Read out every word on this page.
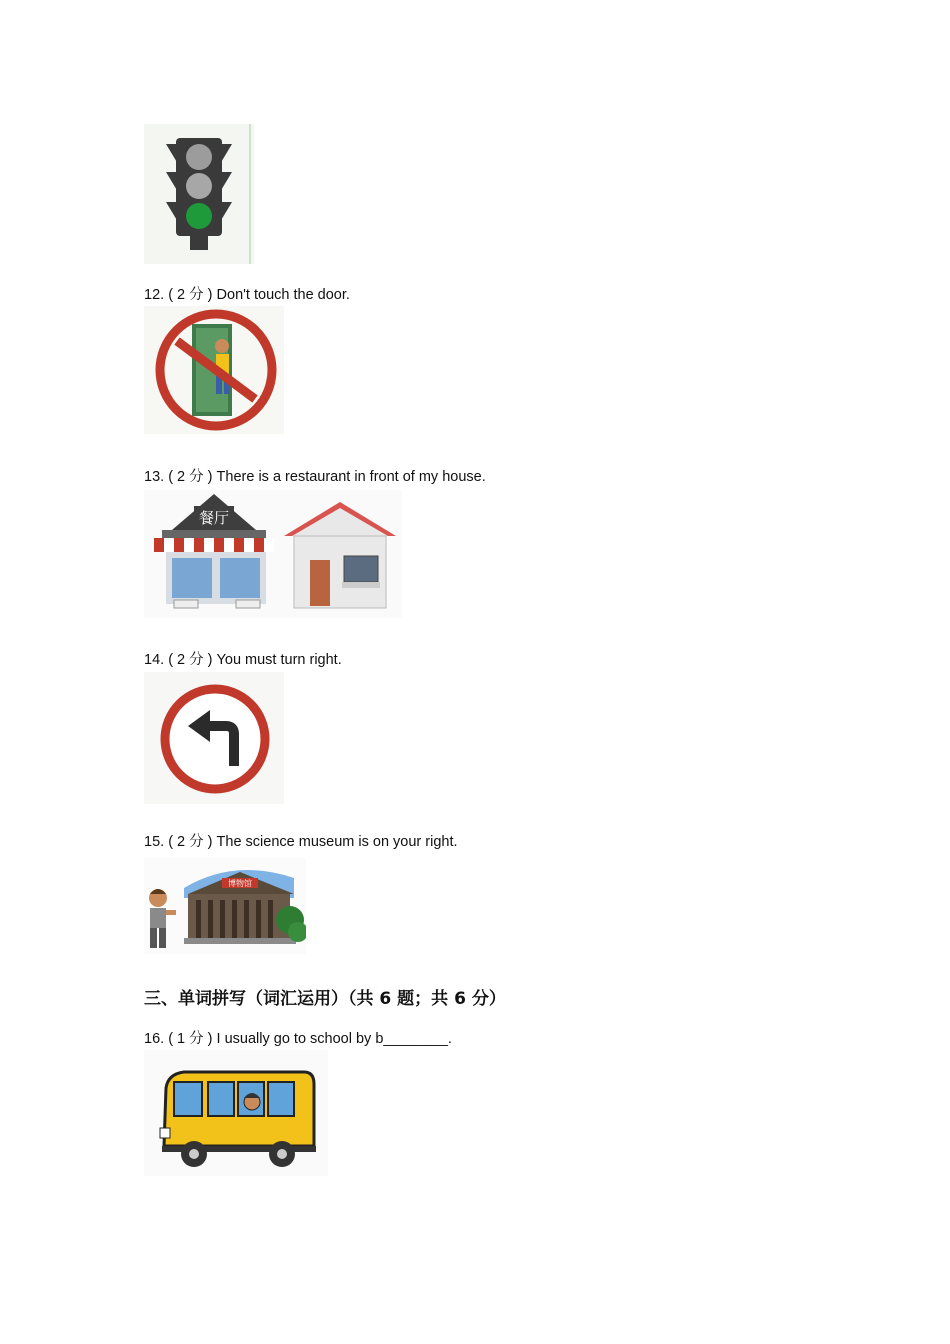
12. ( 2 分 ) Don't touch the door.
13. ( 2 分 ) There is a restaurant in front of my house.
餐厅
14. ( 2 分 ) You must turn right.
15. ( 2 分 ) The science museum is on your right.
博物馆
三、单词拼写（词汇运用）（共 6 题；共 6 分）
16. ( 1 分 ) I usually go to school by b________.
